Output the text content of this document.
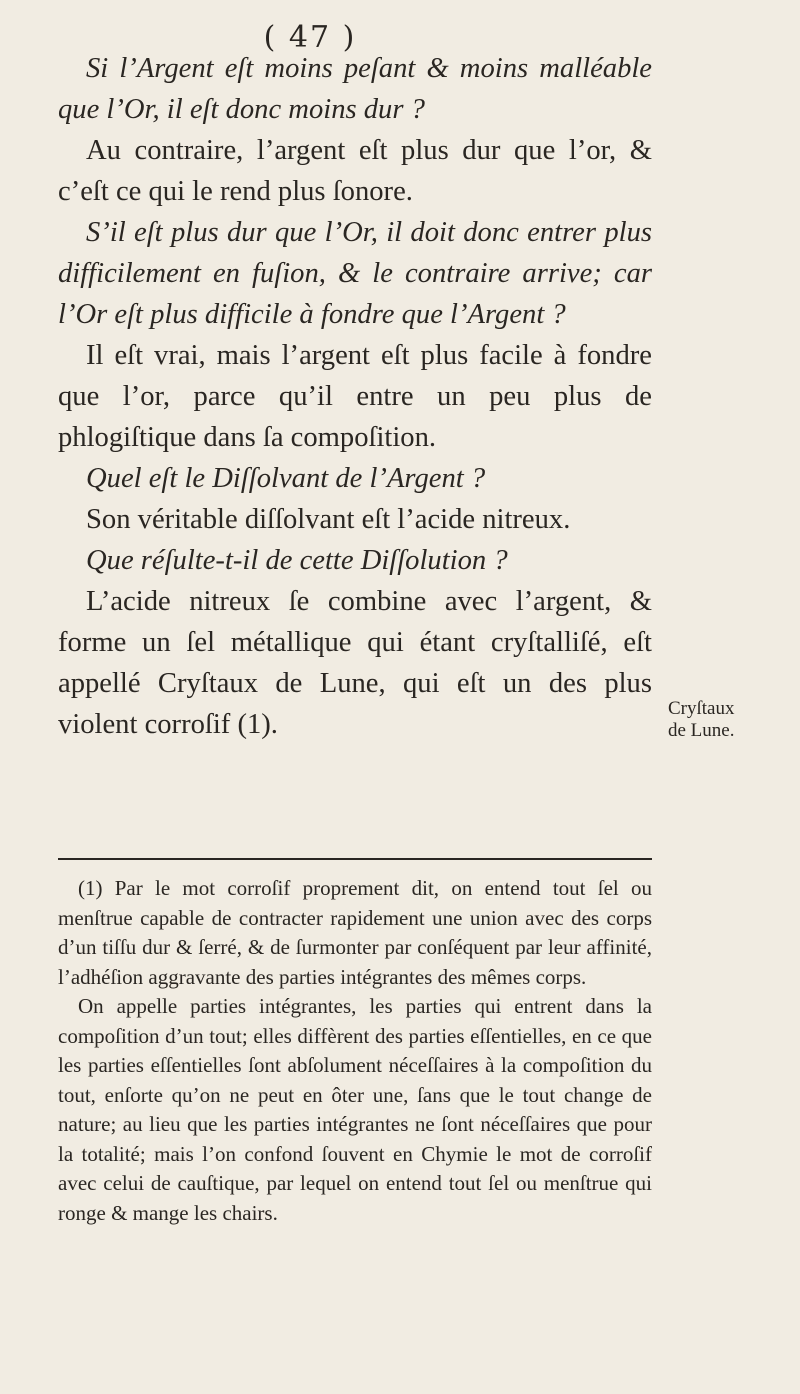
( 47 )

Si l’Argent eſt moins peſant & moins malléable que l’Or, il eſt donc moins dur ?

Au contraire, l’argent eſt plus dur que l’or, & c’eſt ce qui le rend plus ſonore.

S’il eſt plus dur que l’Or, il doit donc entrer plus difficilement en fuſion, & le contraire arrive; car l’Or eſt plus difficile à fondre que l’Argent ?

Il eſt vrai, mais l’argent eſt plus facile à fondre que l’or, parce qu’il entre un peu plus de phlogiſtique dans ſa compoſition.

Quel eſt le Diſſolvant de l’Argent ?

Son véritable diſſolvant eſt l’acide nitreux.

Que réſulte-t-il de cette Diſſolution ?

L’acide nitreux ſe combine avec l’argent, & forme un ſel métallique qui étant cryſtalliſé, eſt appellé Cryſtaux de Lune, qui eſt un des plus violent corroſif (1).

Cryſtaux
de Lune.

(1) Par le mot corroſif proprement dit, on entend tout ſel ou menſtrue capable de contracter rapidement une union avec des corps d’un tiſſu dur & ſerré, & de ſurmonter par conſéquent par leur affinité, l’adhéſion aggravante des parties intégrantes des mêmes corps.

On appelle parties intégrantes, les parties qui entrent dans la compoſition d’un tout; elles diffèrent des parties eſſentielles, en ce que les parties eſſentielles ſont abſolument néceſſaires à la compoſition du tout, enſorte qu’on ne peut en ôter une, ſans que le tout change de nature; au lieu que les parties intégrantes ne ſont néceſſaires que pour la totalité; mais l’on confond ſouvent en Chymie le mot de corroſif avec celui de cauſtique, par lequel on entend tout ſel ou menſtrue qui ronge & mange les chairs.
